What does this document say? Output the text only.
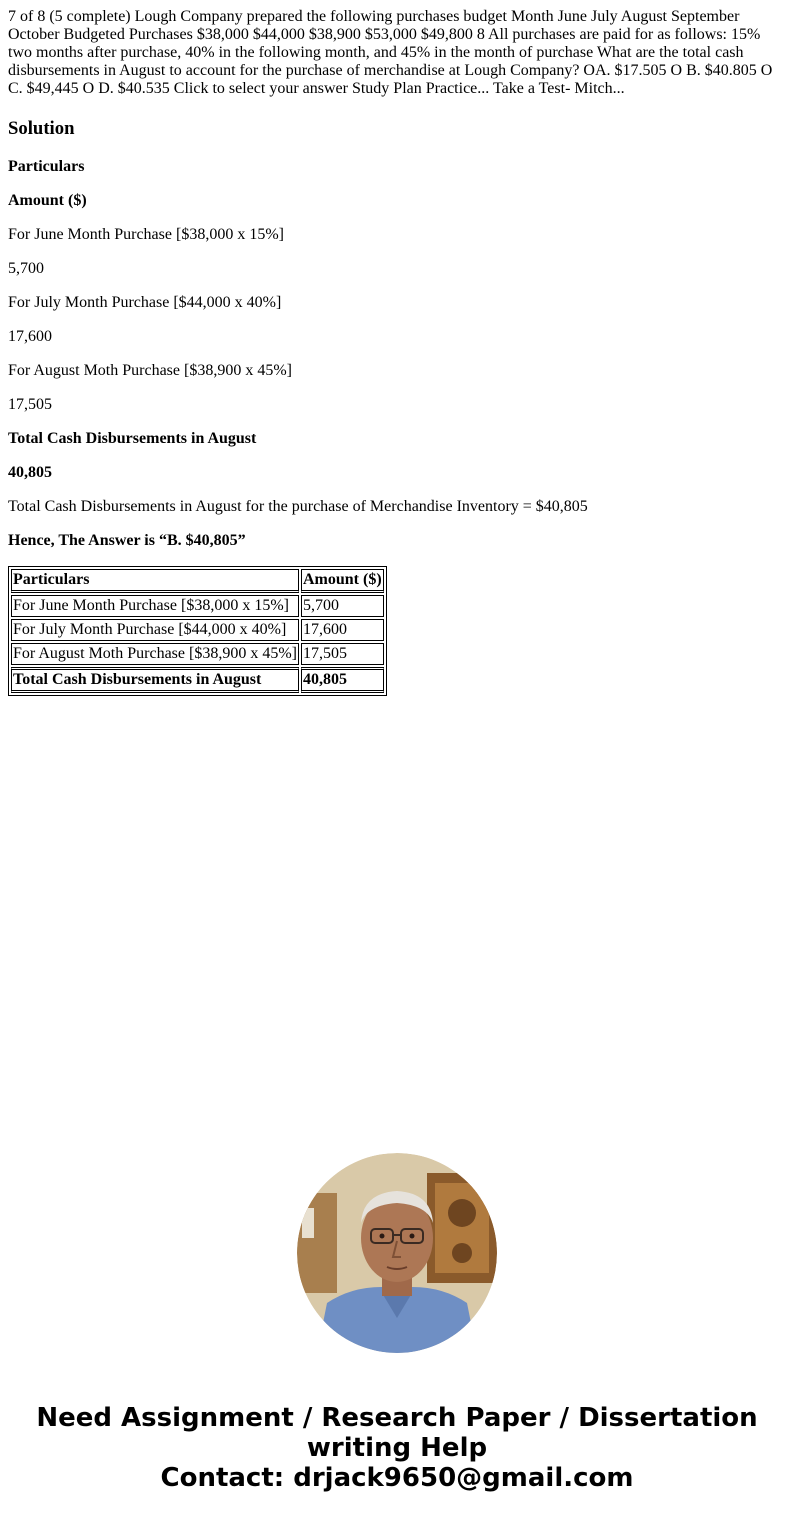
7 of 8 (5 complete) Lough Company prepared the following purchases budget Month June July August September October Budgeted Purchases $38,000 $44,000 $38,900 $53,000 $49,800 8 All purchases are paid for as follows: 15% two months after purchase, 40% in the following month, and 45% in the month of purchase What are the total cash disbursements in August to account for the purchase of merchandise at Lough Company? OA. $17.505 O B. $40.805 O C. $49,445 O D. $40.535 Click to select your answer Study Plan Practice... Take a Test- Mitch...

Solution

Particulars

Amount ($)

For June Month Purchase [$38,000 x 15%]

5,700

For July Month Purchase [$44,000 x 40%]

17,600

For August Moth Purchase [$38,900 x 45%]

17,505

Total Cash Disbursements in August

40,805

Total Cash Disbursements in August for the purchase of Merchandise Inventory = $40,805

Hence, The Answer is “B. $40,805”

Particulars	Amount ($)
For June Month Purchase [$38,000 x 15%]	5,700
For July Month Purchase [$44,000 x 40%]	17,600
For August Moth Purchase [$38,900 x 45%]	17,505
Total Cash Disbursements in August	40,805
Need Assignment / Research Paper / Dissertation
writing Help
Contact: drjack9650@gmail.com
